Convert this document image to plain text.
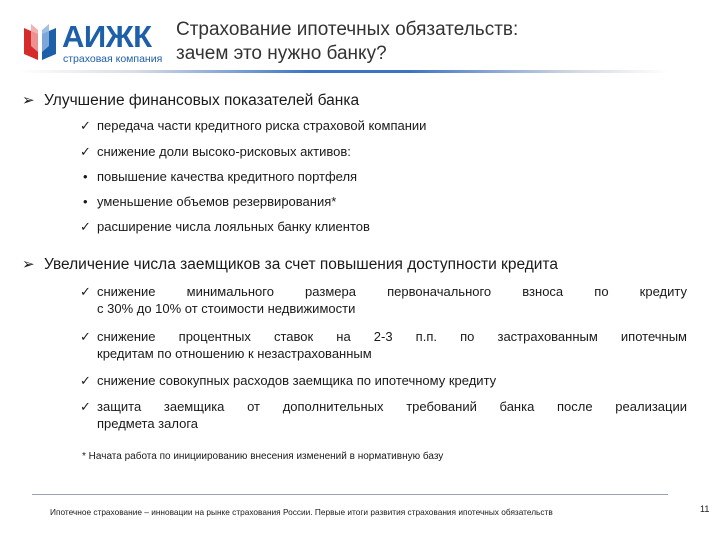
АИЖК
страховая компания
Страхование ипотечных обязательств:
зачем это нужно банку?
➢ Улучшение финансовых показателей банка
✓ передача части кредитного риска страховой компании
✓ снижение доли высоко-рисковых активов:
• повышение качества кредитного портфеля
• уменьшение объемов резервирования*
✓ расширение числа лояльных банку клиентов
➢ Увеличение числа заемщиков за счет повышения доступности кредита
✓ снижение минимального размера первоначального взноса по кредиту
с 30% до 10% от стоимости недвижимости
✓ снижение процентных ставок на 2-3 п.п. по застрахованным ипотечным
кредитам по отношению к незастрахованным
✓ снижение совокупных расходов заемщика по ипотечному кредиту
✓ защита заемщика от дополнительных требований банка после реализации
предмета залога
* Начата работа по инициированию внесения изменений в нормативную базу
Ипотечное страхование – инновации на рынке страхования России. Первые итоги развития страхования ипотечных обязательств	11
